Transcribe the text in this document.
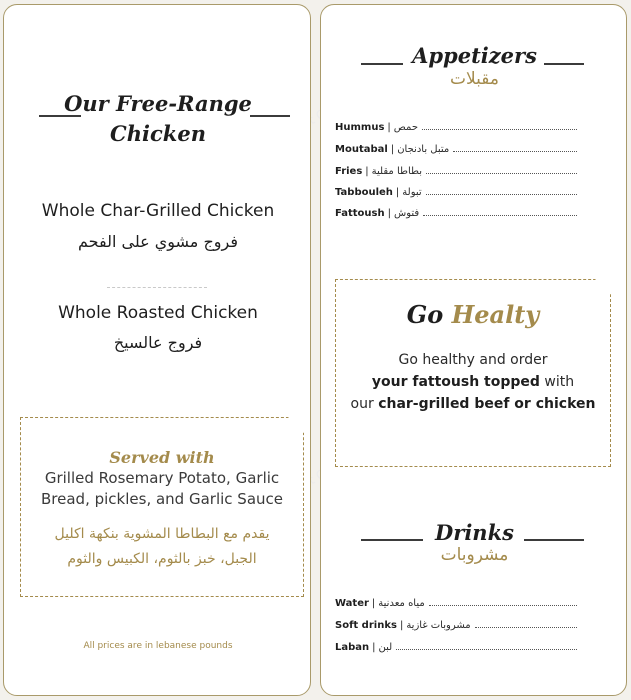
Our Free-Range
Chicken
Whole Char-Grilled Chicken
فروج مشوي على الفحم
Whole Roasted Chicken
فروج عالسيخ
Served with
Grilled Rosemary Potato, Garlic
Bread, pickles, and Garlic Sauce
يقدم مع البطاطا المشوية بنكهة اكليل
الجبل، خبز بالثوم، الكبيس والثوم
All prices are in lebanese pounds
Appetizers
مقبلات
Hummus | حمص
Moutabal | متبل بادنجان
Fries | بطاطا مقلية
Tabbouleh | تبولة
Fattoush | فتوش
Go Healty
Go healthy and order
your fattoush topped with
our char-grilled beef or chicken
Drinks
مشروبات
Water | مياه معدنية
Soft drinks | مشروبات غازية
Laban | لبن
